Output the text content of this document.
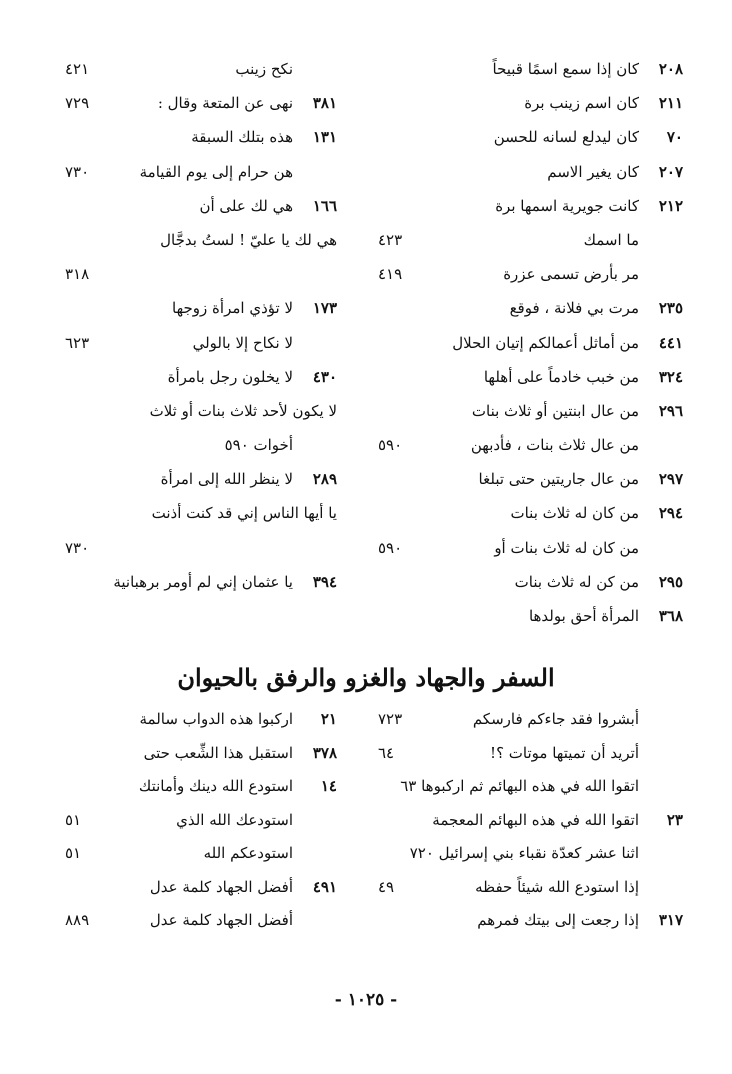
٢٠٨
كان إذا سمع اسمًا قبيحاً
٢١١
كان اسم زينب برة
٧٠
كان ليدلع لسانه للحسن
٢٠٧
كان يغير الاسم
٢١٢
كانت جويرية اسمها برة
ما اسمك
٤٢٣
مر بأرض تسمى عزرة
٤١٩
٢٣٥
مرت بي فلانة ، فوقع
٤٤١
من أماثل أعمالكم إتيان الحلال
٣٢٤
من خبب خادماً على أهلها
٢٩٦
من عال ابنتين أو ثلاث بنات
من عال ثلاث بنات ، فأدبهن
٥٩٠
٢٩٧
من عال جاريتين حتى تبلغا
٢٩٤
من كان له ثلاث بنات
من كان له ثلاث بنات أو
٥٩٠
٢٩٥
من كن له ثلاث بنات
٣٦٨
المرأة أحق بولدها
نكح زينب
٤٢١
٣٨١
نهى عن المتعة وقال :
٧٢٩
١٣١
هذه بتلك السبقة
هن حرام إلى يوم القيامة
٧٣٠
١٦٦
هي لك على أن
هي لك يا عليّ ! لستُ بدجَّال
٣١٨
١٧٣
لا تؤذي امرأة زوجها
لا نكاح إلا بالولي
٦٢٣
٤٣٠
لا يخلون رجل بامرأة
لا يكون لأحد ثلاث بنات أو ثلاث
أخوات ٥٩٠
٢٨٩
لا ينظر الله إلى امرأة
يا أيها الناس إني قد كنت أذنت
٧٣٠
٣٩٤
يا عثمان إني لم أومر برهبانية
السفر والجهاد والغزو والرفق بالحيوان
أبشروا فقد جاءكم فارسكم
٧٢٣
أتريد أن تميتها موتات ؟!
٦٤
اتقوا الله في هذه البهائم ثم اركبوها ٦٣
٢٣
اتقوا الله في هذه البهائم المعجمة
اثنا عشر كعدّة نقباء بني إسرائيل ٧٢٠
إذا استودع الله شيئاً حفظه
٤٩
٣١٧
إذا رجعت إلى بيتك فمرهم
٢١
اركبوا هذه الدواب سالمة
٣٧٨
استقبل هذا الشِّعب حتى
١٤
استودع الله دينك وأمانتك
استودعك الله الذي
٥١
استودعكم الله
٥١
٤٩١
أفضل الجهاد كلمة عدل
أفضل الجهاد كلمة عدل
٨٨٩
- ١٠٢٥ -
